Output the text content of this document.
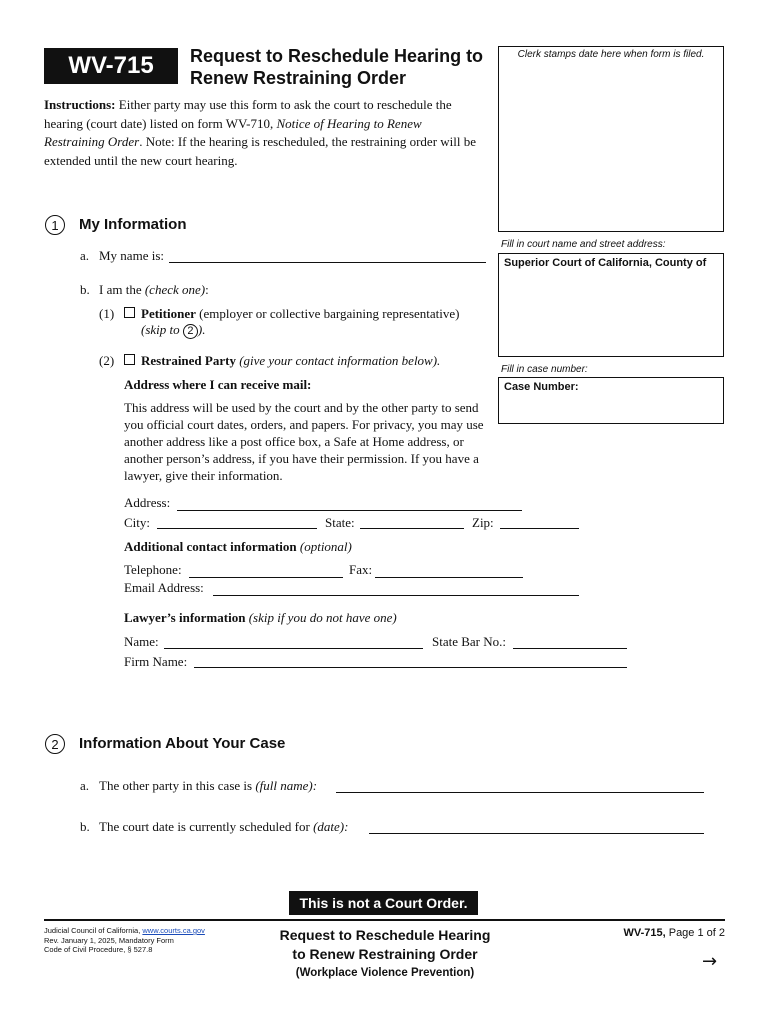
WV-715 Request to Reschedule Hearing to
Renew Restraining Order
Clerk stamps date here when form is filed.
Fill in court name and street address:
Superior Court of California, County of
Fill in case number:
Case Number:
Instructions: Either party may use this form to ask the court to reschedule the hearing (court date) listed on form WV-710, Notice of Hearing to Renew Restraining Order. Note: If the hearing is rescheduled, the restraining order will be extended until the new court hearing.
1	My Information
a. My name is:
b. I am the (check one):
(1) Petitioner (employer or collective bargaining representative)
(skip to 2 ).
(2) Restrained Party (give your contact information below).
Address where I can receive mail:
This address will be used by the court and by the other party to send you official court dates, orders, and papers. For privacy, you may use another address like a post office box, a Safe at Home address, or another person’s address, if you have their permission. If you have a lawyer, give their information.
Address:
City:	State:	Zip:
Additional contact information (optional)
Telephone:	Fax:
Email Address:
Lawyer’s information (skip if you do not have one)
Name:	State Bar No.:
Firm Name:
2	Information About Your Case
a. The other party in this case is (full name):
b. The court date is currently scheduled for (date):
This is not a Court Order.
Judicial Council of California, www.courts.ca.gov
Rev. January 1, 2025, Mandatory Form
Code of Civil Procedure, § 527.8
Request to Reschedule Hearing
to Renew Restraining Order
(Workplace Violence Prevention)
WV-715, Page 1 of 2
→
